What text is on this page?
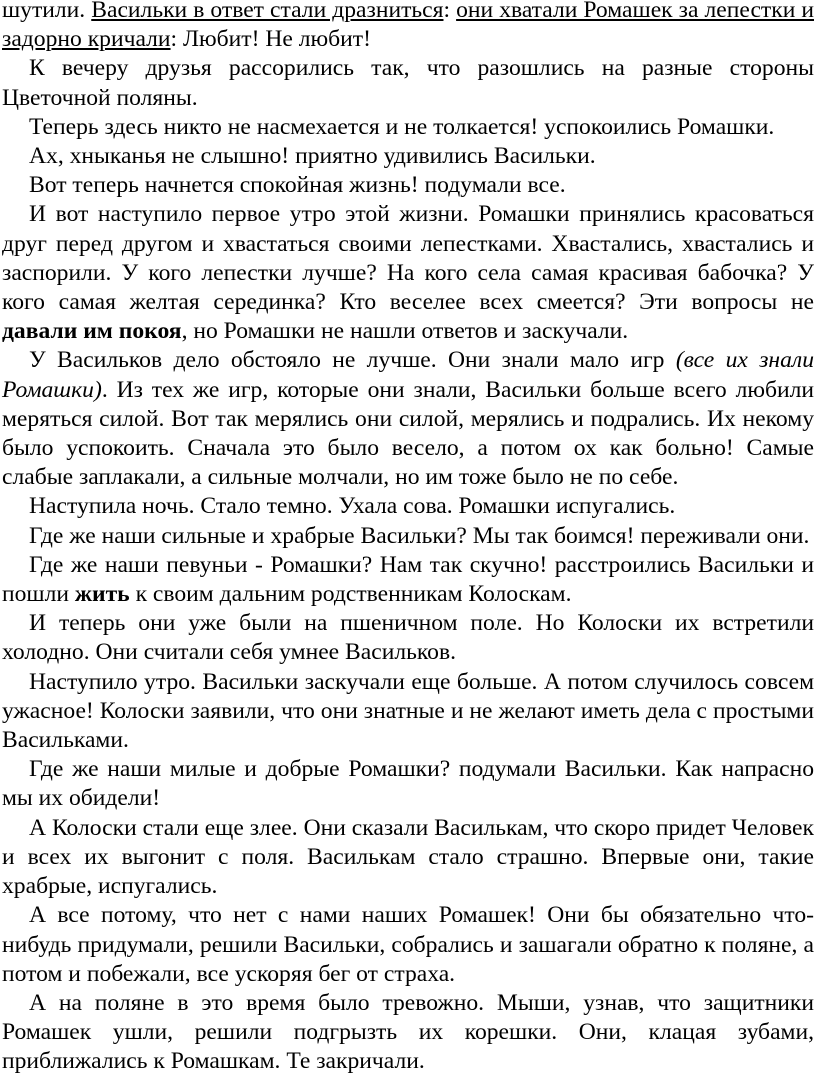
шутили. Васильки в ответ стали дразниться: они хватали Ромашек за лепестки и задорно кричали: Любит! Не любит!

К вечеру друзья рассорились так, что разошлись на разные стороны Цветочной поляны.

Теперь здесь никто не насмехается и не толкается! успокоились Ромашки.

Ах, хныканья не слышно! приятно удивились Васильки.

Вот теперь начнется спокойная жизнь! подумали все.

И вот наступило первое утро этой жизни. Ромашки принялись красоваться друг перед другом и хвастаться своими лепестками. Хвастались, хвастались и заспорили. У кого лепестки лучше? На кого села самая красивая бабочка? У кого самая желтая серединка? Кто веселее всех смеется? Эти вопросы не давали им покоя, но Ромашки не нашли ответов и заскучали.

У Васильков дело обстояло не лучше. Они знали мало игр (все их знали Ромашки). Из тех же игр, которые они знали, Васильки больше всего любили меряться силой. Вот так мерялись они силой, мерялись и подрались. Их некому было успокоить. Сначала это было весело, а потом ох как больно! Самые слабые заплакали, а сильные молчали, но им тоже было не по себе.

Наступила ночь. Стало темно. Ухала сова. Ромашки испугались.

Где же наши сильные и храбрые Васильки? Мы так боимся! переживали они.

Где же наши певуньи - Ромашки? Нам так скучно! расстроились Васильки и пошли жить к своим дальним родственникам Колоскам.

И теперь они уже были на пшеничном поле. Но Колоски их встретили холодно. Они считали себя умнее Васильков.

Наступило утро. Васильки заскучали еще больше. А потом случилось совсем ужасное! Колоски заявили, что они знатные и не желают иметь дела с простыми Васильками.

Где же наши милые и добрые Ромашки? подумали Васильки. Как напрасно мы их обидели!

А Колоски стали еще злее. Они сказали Василькам, что скоро придет Человек и всех их выгонит с поля. Василькам стало страшно. Впервые они, такие храбрые, испугались.

А все потому, что нет с нами наших Ромашек! Они бы обязательно что-нибудь придумали, решили Васильки, собрались и зашагали обратно к поляне, а потом и побежали, все ускоряя бег от страха.

А на поляне в это время было тревожно. Мыши, узнав, что защитники Ромашек ушли, решили подгрызть их корешки. Они, клацая зубами, приближались к Ромашкам. Те закричали.
